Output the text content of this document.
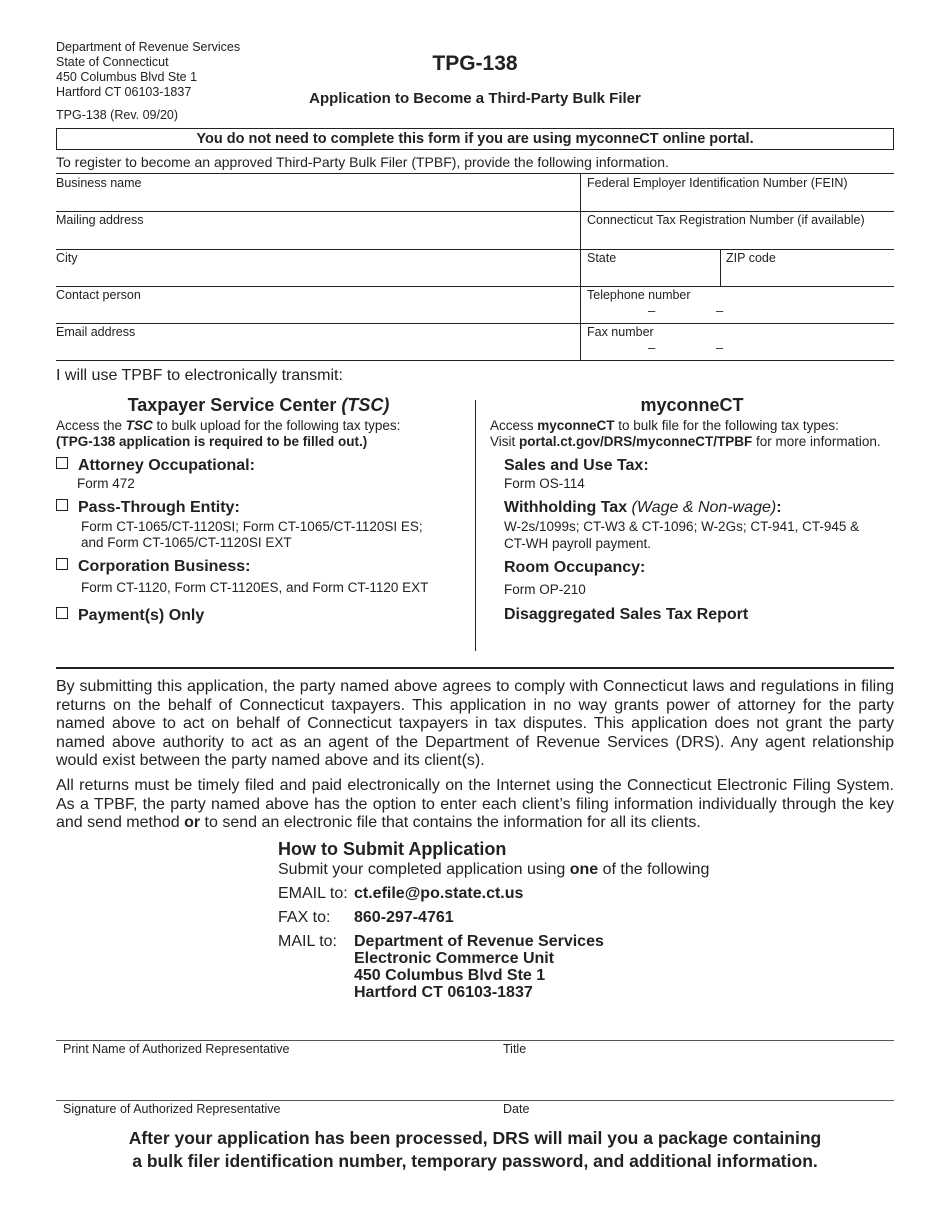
Department of Revenue Services
State of Connecticut
450 Columbus Blvd Ste 1
Hartford CT 06103-1837
TPG-138 (Rev. 09/20)
TPG-138
Application to Become a Third-Party Bulk Filer
You do not need to complete this form if you are using myconneCT online portal.
To register to become an approved Third-Party Bulk Filer (TPBF), provide the following information.
Business name	Federal Employer Identification Number (FEIN)
Mailing address	Connecticut Tax Registration Number (if available)
City	State	ZIP code
Contact person	Telephone number
–	–
Email address	Fax number
–	–
I will use TPBF to electronically transmit:
Taxpayer Service Center (TSC)
Access the TSC to bulk upload for the following tax types:
(TPG-138 application is required to be filled out.)
Attorney Occupational:
Form 472
Pass-Through Entity:
Form CT-1065/CT-1120SI; Form CT-1065/CT-1120SI ES;
and Form CT-1065/CT-1120SI EXT
Corporation Business:
Form CT-1120, Form CT-1120ES, and Form CT-1120 EXT
Payment(s) Only
myconneCT
Access myconneCT to bulk file for the following tax types:
Visit portal.ct.gov/DRS/myconneCT/TPBF for more information.
Sales and Use Tax:
Form OS-114
Withholding Tax (Wage & Non-wage):
W-2s/1099s; CT-W3 & CT-1096; W-2Gs; CT-941, CT-945 &
CT-WH payroll payment.
Room Occupancy:
Form OP-210
Disaggregated Sales Tax Report
By submitting this application, the party named above agrees to comply with Connecticut laws and regulations in filing returns on the behalf of Connecticut taxpayers. This application in no way grants power of attorney for the party named above to act on behalf of Connecticut taxpayers in tax disputes. This application does not grant the party named above authority to act as an agent of the Department of Revenue Services (DRS). Any agent relationship would exist between the party named above and its client(s).
All returns must be timely filed and paid electronically on the Internet using the Connecticut Electronic Filing System. As a TPBF, the party named above has the option to enter each client’s filing information individually through the key and send method or to send an electronic file that contains the information for all its clients.
How to Submit Application
Submit your completed application using one of the following
EMAIL to: ct.efile@po.state.ct.us
FAX to: 860-297-4761
MAIL to: Department of Revenue Services
Electronic Commerce Unit
450 Columbus Blvd Ste 1
Hartford CT 06103-1837
Print Name of Authorized Representative	Title
Signature of Authorized Representative	Date
After your application has been processed, DRS will mail you a package containing
a bulk filer identification number, temporary password, and additional information.
